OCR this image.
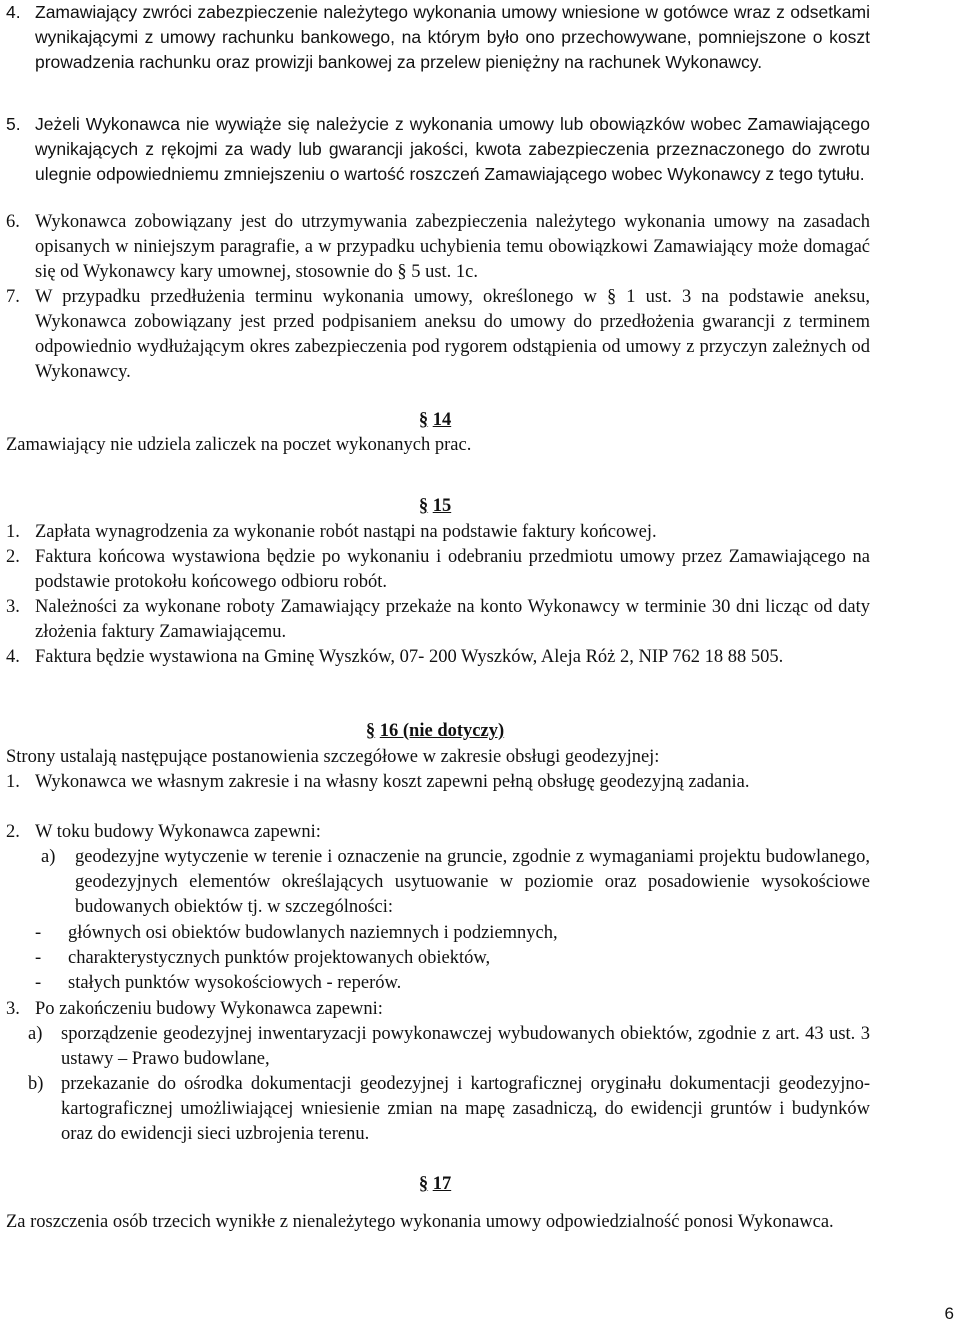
4. Zamawiający zwróci zabezpieczenie należytego wykonania umowy wniesione w gotówce wraz z odsetkami wynikającymi z umowy rachunku bankowego, na którym było ono przechowywane, pomniejszone o koszt prowadzenia rachunku oraz prowizji bankowej za przelew pieniężny na rachunek Wykonawcy.
5. Jeżeli Wykonawca nie wywiąże się należycie z wykonania umowy lub obowiązków wobec Zamawiającego wynikających z rękojmi za wady lub gwarancji jakości, kwota zabezpieczenia przeznaczonego do zwrotu ulegnie odpowiedniemu zmniejszeniu o wartość roszczeń Zamawiającego wobec Wykonawcy z tego tytułu.
6. Wykonawca zobowiązany jest do utrzymywania zabezpieczenia należytego wykonania umowy na zasadach opisanych w niniejszym paragrafie, a w przypadku uchybienia temu obowiązkowi Zamawiający może domagać się od Wykonawcy kary umownej, stosownie do § 5 ust. 1c.
7. W przypadku przedłużenia terminu wykonania umowy, określonego w § 1 ust. 3 na podstawie aneksu, Wykonawca zobowiązany jest przed podpisaniem aneksu do umowy do przedłożenia gwarancji z terminem odpowiednio wydłużającym okres zabezpieczenia pod rygorem odstąpienia od umowy z przyczyn zależnych od Wykonawcy.
§ 14
Zamawiający nie udziela zaliczek na poczet wykonanych prac.
§ 15
1. Zapłata wynagrodzenia za wykonanie robót nastąpi na podstawie faktury końcowej.
2. Faktura końcowa wystawiona będzie po wykonaniu i odebraniu przedmiotu umowy przez Zamawiającego na podstawie protokołu końcowego odbioru robót.
3. Należności za wykonane roboty Zamawiający przekaże na konto Wykonawcy w terminie 30 dni licząc od daty złożenia faktury Zamawiającemu.
4. Faktura będzie wystawiona na Gminę Wyszków, 07- 200 Wyszków, Aleja Róż 2, NIP 762 18 88 505.
§ 16 (nie dotyczy)
Strony ustalają następujące postanowienia szczegółowe w zakresie obsługi geodezyjnej:
1. Wykonawca we własnym zakresie i na własny koszt zapewni pełną obsługę geodezyjną zadania.
2. W toku budowy Wykonawca zapewni:
a)	geodezyjne wytyczenie w terenie i oznaczenie na gruncie, zgodnie z wymaganiami projektu budowlanego, geodezyjnych elementów określających usytuowanie w poziomie oraz posadowienie wysokościowe budowanych obiektów tj. w szczególności:
-	głównych osi obiektów budowlanych naziemnych i podziemnych,
-	charakterystycznych punktów projektowanych obiektów,
-	stałych punktów wysokościowych - reperów.
3. Po zakończeniu budowy Wykonawca zapewni:
a)	sporządzenie geodezyjnej inwentaryzacji powykonawczej wybudowanych obiektów, zgodnie z art. 43 ust. 3 ustawy – Prawo budowlane,
b) przekazanie do ośrodka dokumentacji geodezyjnej i kartograficznej oryginału dokumentacji geodezyjno-kartograficznej umożliwiającej wniesienie zmian na mapę zasadniczą, do ewidencji gruntów i budynków oraz do ewidencji sieci uzbrojenia terenu.
§ 17
Za roszczenia osób trzecich wynikłe z nienależytego wykonania umowy odpowiedzialność ponosi Wykonawca.
6
